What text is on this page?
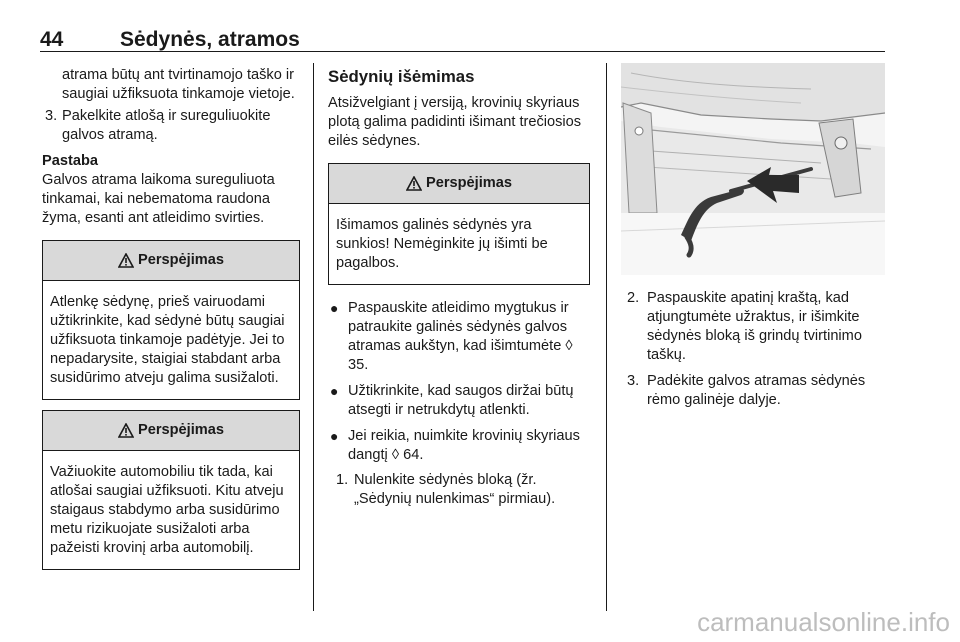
44	Sėdynės, atramos

atrama būtų ant tvirtinamojo taško ir saugiai užfiksuota tinkamoje vietoje.

3. Pakelkite atlošą ir sureguliuokite galvos atramą.

Pastaba

Galvos atrama laikoma sureguliuota tinkamai, kai nebematoma raudona žyma, esanti ant atleidimo svirties.

Perspėjimas
Atlenkę sėdynę, prieš vairuodami užtikrinkite, kad sėdynė būtų saugiai užfiksuota tinkamoje padėtyje. Jei to nepadarysite, staigiai stabdant arba susidūrimo atveju galima susižaloti.
Perspėjimas
Važiuokite automobiliu tik tada, kai atlošai saugiai užfiksuoti. Kitu atveju staigaus stabdymo arba susidūrimo metu rizikuojate susižaloti arba pažeisti krovinį arba automobilį.

Sėdynių išėmimas

Atsižvelgiant į versiją, krovinių skyriaus plotą galima padidinti išimant trečiosios eilės sėdynes.

Perspėjimas
Išimamos galinės sėdynės yra sunkios! Nemėginkite jų išimti be pagalbos.
● Paspauskite atleidimo mygtukus ir patraukite galinės sėdynės galvos atramas aukštyn, kad išimtumėte ◊ 35.
● Užtikrinkite, kad saugos diržai būtų atsegti ir netrukdytų atlenkti.
● Jei reikia, nuimkite krovinių skyriaus dangtį ◊ 64.
1. Nulenkite sėdynės bloką (žr. „Sėdynių nulenkimas“ pirmiau).
2. Paspauskite apatinį kraštą, kad atjungtumėte užraktus, ir išimkite sėdynės bloką iš grindų tvirtinimo taškų.
3. Padėkite galvos atramas sėdynės rėmo galinėje dalyje.
carmanualsonline.info
